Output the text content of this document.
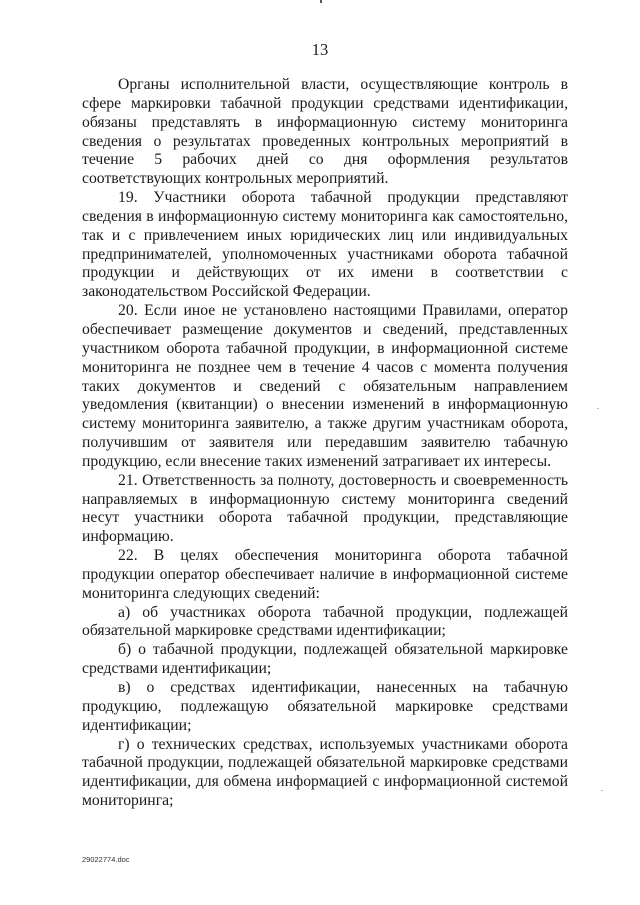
13

Органы исполнительной власти, осуществляющие контроль в сфере маркировки табачной продукции средствами идентификации, обязаны представлять в информационную систему мониторинга сведения о результатах проведенных контрольных мероприятий в течение 5 рабочих дней со дня оформления результатов соответствующих контрольных мероприятий.

19. Участники оборота табачной продукции представляют сведения в информационную систему мониторинга как самостоятельно, так и с привлечением иных юридических лиц или индивидуальных предпринимателей, уполномоченных участниками оборота табачной продукции и действующих от их имени в соответствии с законодательством Российской Федерации.

20. Если иное не установлено настоящими Правилами, оператор обеспечивает размещение документов и сведений, представленных участником оборота табачной продукции, в информационной системе мониторинга не позднее чем в течение 4 часов с момента получения таких документов и сведений с обязательным направлением уведомления (квитанции) о внесении изменений в информационную систему мониторинга заявителю, а также другим участникам оборота, получившим от заявителя или передавшим заявителю табачную продукцию, если внесение таких изменений затрагивает их интересы.

21. Ответственность за полноту, достоверность и своевременность направляемых в информационную систему мониторинга сведений несут участники оборота табачной продукции, представляющие информацию.

22. В целях обеспечения мониторинга оборота табачной продукции оператор обеспечивает наличие в информационной системе мониторинга следующих сведений:

а) об участниках оборота табачной продукции, подлежащей обязательной маркировке средствами идентификации;

б) о табачной продукции, подлежащей обязательной маркировке средствами идентификации;

в) о средствах идентификации, нанесенных на табачную продукцию, подлежащую обязательной маркировке средствами идентификации;

г) о технических средствах, используемых участниками оборота табачной продукции, подлежащей обязательной маркировке средствами идентификации, для обмена информацией с информационной системой мониторинга;

29022774.doc
